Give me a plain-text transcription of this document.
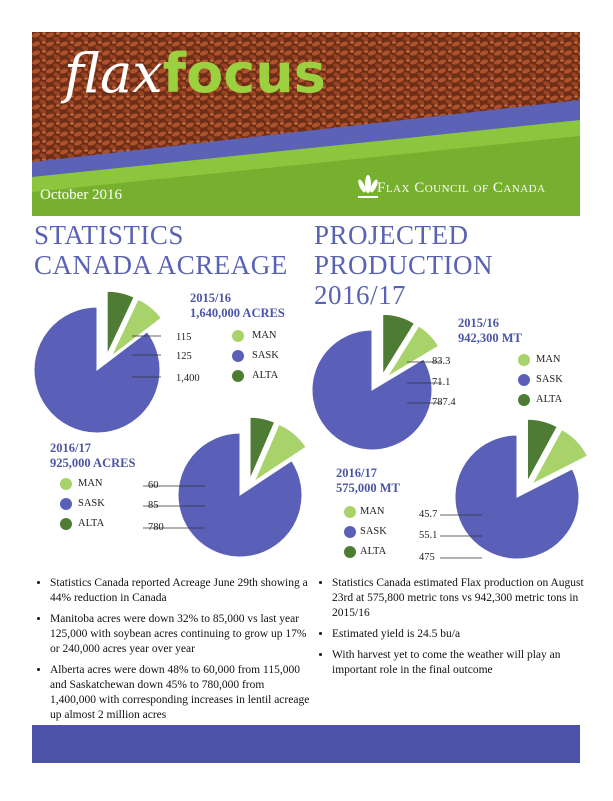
flaxfocus
October 2016	Flax Council of Canada
STATISTICS
CANADA ACREAGE
PROJECTED
PRODUCTION
2016/17
2015/16
1,640,000 ACRES
2016/17
925,000 ACRES
2015/16
942,300 MT
2016/17
575,000 MT
115
125
1,400
60
85
780
83.3
71.1
787.4
45.7
55.1
475
MAN
SASK
ALTA
MAN
SASK
ALTA
MAN
SASK
ALTA
MAN
SASK
ALTA
• Statistics Canada reported Acreage June 29th showing a 44% reduction in Canada
• Manitoba acres were down 32% to 85,000 vs last year 125,000 with soybean acres continuing to grow up 17% or 240,000 acres year over year
• Alberta acres were down 48% to 60,000 from 115,000 and Saskatchewan down 45% to 780,000 from 1,400,000 with corresponding increases in lentil acreage up almost 2 million acres
• Statistics Canada estimated Flax production on August 23rd at 575,800 metric tons vs 942,300 metric tons in 2015/16
• Estimated yield is 24.5 bu/a
• With harvest yet to come the weather will play an important role in the final outcome
